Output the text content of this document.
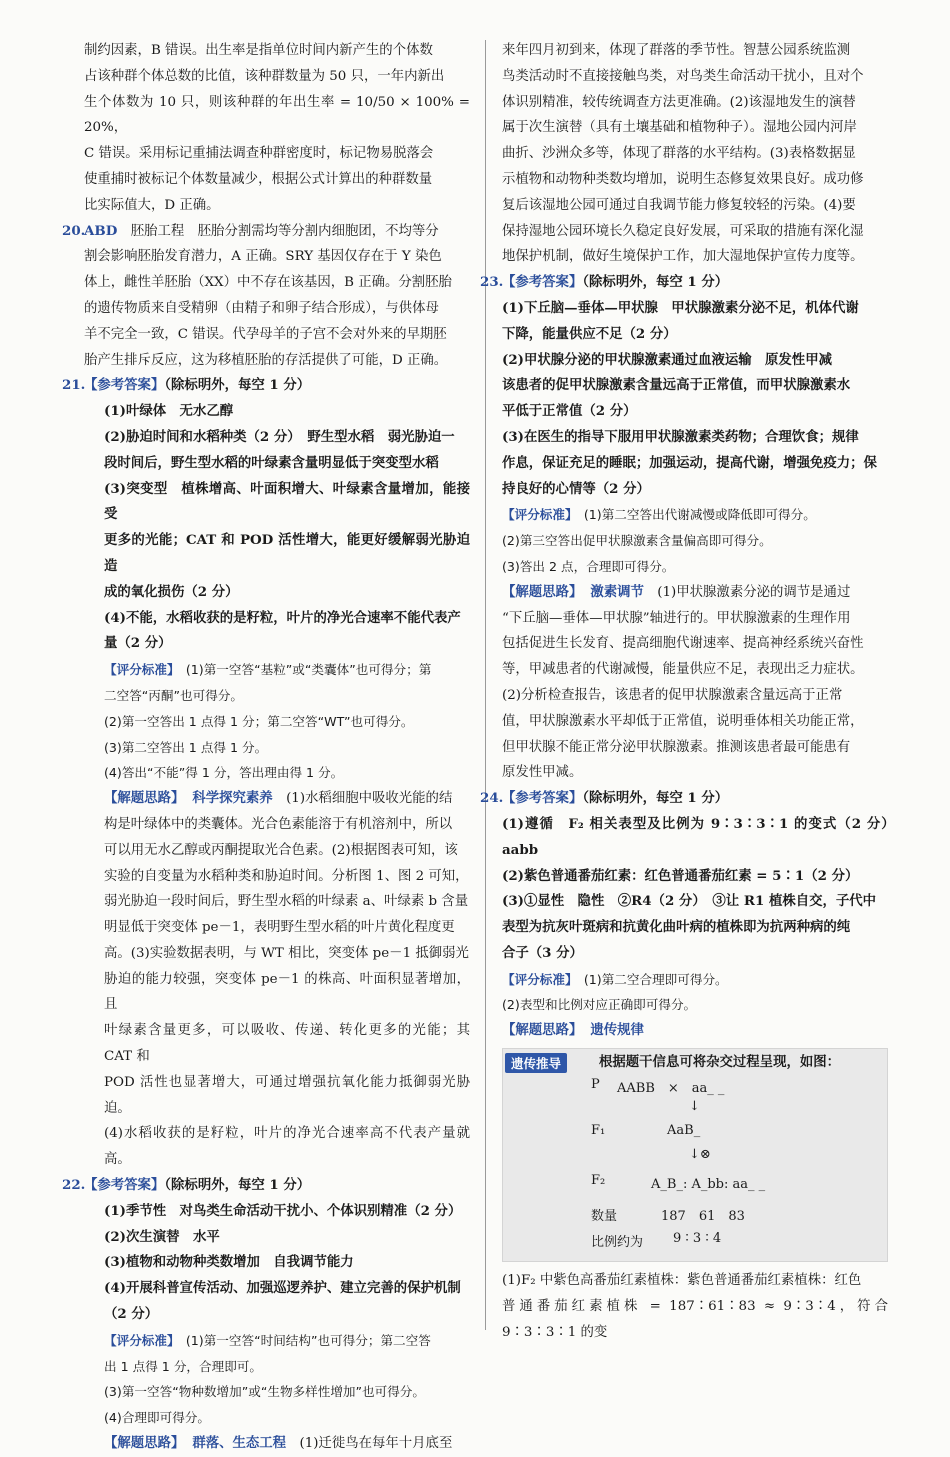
制约因素，B 错误。出生率是指单位时间内新产生的个体数

占该种群个体总数的比值，该种群数量为 50 只，一年内新出

生个体数为 10 只，则该种群的年出生率 = 10/50 × 100% = 20%，

C 错误。采用标记重捕法调查种群密度时，标记物易脱落会

使重捕时被标记个体数量减少，根据公式计算出的种群数量

比实际值大，D 正确。

20.ABD　 胚胎工程　胚胎分割需均等分割内细胞团，不均等分

割会影响胚胎发育潜力，A 正确。SRY 基因仅存在于 Y 染色

体上，雌性羊胚胎（XX）中不存在该基因，B 正确。分割胚胎

的遗传物质来自受精卵（由精子和卵子结合形成），与供体母

羊不完全一致，C 错误。代孕母羊的子宫不会对外来的早期胚

胎产生排斥反应，这为移植胚胎的存活提供了可能，D 正确。

21.【参考答案】（除标明外，每空 1 分）

(1)叶绿体　无水乙醇

(2)胁迫时间和水稻种类（2 分）　野生型水稻　弱光胁迫一

段时间后，野生型水稻的叶绿素含量明显低于突变型水稻

(3)突变型　植株增高、叶面积增大、叶绿素含量增加，能接受

更多的光能；CAT 和 POD 活性增大，能更好缓解弱光胁迫造

成的氧化损伤（2 分）

(4)不能，水稻收获的是籽粒，叶片的净光合速率不能代表产

量（2 分）

【评分标准】　 (1)第一空答“基粒”或“类囊体”也可得分；第

二空答“丙酮”也可得分。

(2)第一空答出 1 点得 1 分；第二空答“WT”也可得分。

(3)第二空答出 1 点得 1 分。

(4)答出“不能”得 1 分，答出理由得 1 分。

【解题思路】 科学探究素养　 (1)水稻细胞中吸收光能的结

构是叶绿体中的类囊体。光合色素能溶于有机溶剂中，所以

可以用无水乙醇或丙酮提取光合色素。(2)根据图表可知，该

实验的自变量为水稻种类和胁迫时间。分析图 1、图 2 可知，

弱光胁迫一段时间后，野生型水稻的叶绿素 a、叶绿素 b 含量

明显低于突变体 pe－1，表明野生型水稻的叶片黄化程度更

高。(3)实验数据表明，与 WT 相比，突变体 pe－1 抵御弱光

胁迫的能力较强，突变体 pe－1 的株高、叶面积显著增加，且

叶绿素含量更多，可以吸收、传递、转化更多的光能；其 CAT 和

POD 活性也显著增大，可通过增强抗氧化能力抵御弱光胁迫。

(4)水稻收获的是籽粒，叶片的净光合速率高不代表产量就高。

22.【参考答案】（除标明外，每空 1 分）

(1)季节性　对鸟类生命活动干扰小、个体识别精准（2 分）

(2)次生演替　水平

(3)植物和动物种类数增加　自我调节能力

(4)开展科普宣传活动、加强巡逻养护、建立完善的保护机制

（2 分）

【评分标准】　 (1)第一空答“时间结构”也可得分；第二空答

出 1 点得 1 分，合理即可。

(3)第一空答“物种数增加”或“生物多样性增加”也可得分。

(4)合理即可得分。

【解题思路】 群落、生态工程　 (1)迁徙鸟在每年十月底至

来年四月初到来，体现了群落的季节性。智慧公园系统监测

鸟类活动时不直接接触鸟类，对鸟类生命活动干扰小，且对个

体识别精准，较传统调查方法更准确。(2)该湿地发生的演替

属于次生演替（具有土壤基础和植物种子）。湿地公园内河岸

曲折、沙洲众多等，体现了群落的水平结构。(3)表格数据显

示植物和动物种类数均增加，说明生态修复效果良好。成功修

复后该湿地公园可通过自我调节能力修复较轻的污染。(4)要

保持湿地公园环境长久稳定良好发展，可采取的措施有深化湿

地保护机制，做好生境保护工作，加大湿地保护宣传力度等。

23.【参考答案】（除标明外，每空 1 分）

(1)下丘脑—垂体—甲状腺　甲状腺激素分泌不足，机体代谢

下降，能量供应不足（2 分）

(2)甲状腺分泌的甲状腺激素通过血液运输　原发性甲减

该患者的促甲状腺激素含量远高于正常值，而甲状腺激素水

平低于正常值（2 分）

(3)在医生的指导下服用甲状腺激素类药物；合理饮食；规律

作息，保证充足的睡眠；加强运动，提高代谢，增强免疫力；保

持良好的心情等（2 分）

【评分标准】　 (1)第二空答出代谢减慢或降低即可得分。

(2)第三空答出促甲状腺激素含量偏高即可得分。

(3)答出 2 点，合理即可得分。

【解题思路】 激素调节　 (1)甲状腺激素分泌的调节是通过

“下丘脑—垂体—甲状腺”轴进行的。甲状腺激素的生理作用

包括促进生长发育、提高细胞代谢速率、提高神经系统兴奋性

等，甲减患者的代谢减慢，能量供应不足，表现出乏力症状。

(2)分析检查报告，该患者的促甲状腺激素含量远高于正常

值，甲状腺激素水平却低于正常值，说明垂体相关功能正常，

但甲状腺不能正常分泌甲状腺激素。推测该患者最可能患有

原发性甲减。

24.【参考答案】（除标明外，每空 1 分）

(1)遵循　F₂ 相关表型及比例为 9∶3∶3∶1 的变式（2 分）　aabb

(2)紫色普通番茄红素：红色普通番茄红素 = 5∶1（2 分）

(3)①显性　隐性　②R4（2 分）　③让 R1 植株自交，子代中

表型为抗灰叶斑病和抗黄化曲叶病的植株即为抗两种病的纯

合子（3 分）

【评分标准】　 (1)第二空合理即可得分。

(2)表型和比例对应正确即可得分。

【解题思路】 遗传规律

遗传推导	根据题干信息可将杂交过程呈现，如图：
P AABB　×　aa_ _
↓
F₁	AaB_
↓⊗
F₂	A_B_: A_bb: aa_ _
数量	187　61　83
比例约为 9 ∶ 3 ∶ 4

(1)F₂ 中紫色高番茄红素植株：紫色普通番茄红素植株：红色

普通番茄红素植株 = 187∶61∶83 ≈ 9∶3∶4，符合 9∶3∶3∶1 的变
